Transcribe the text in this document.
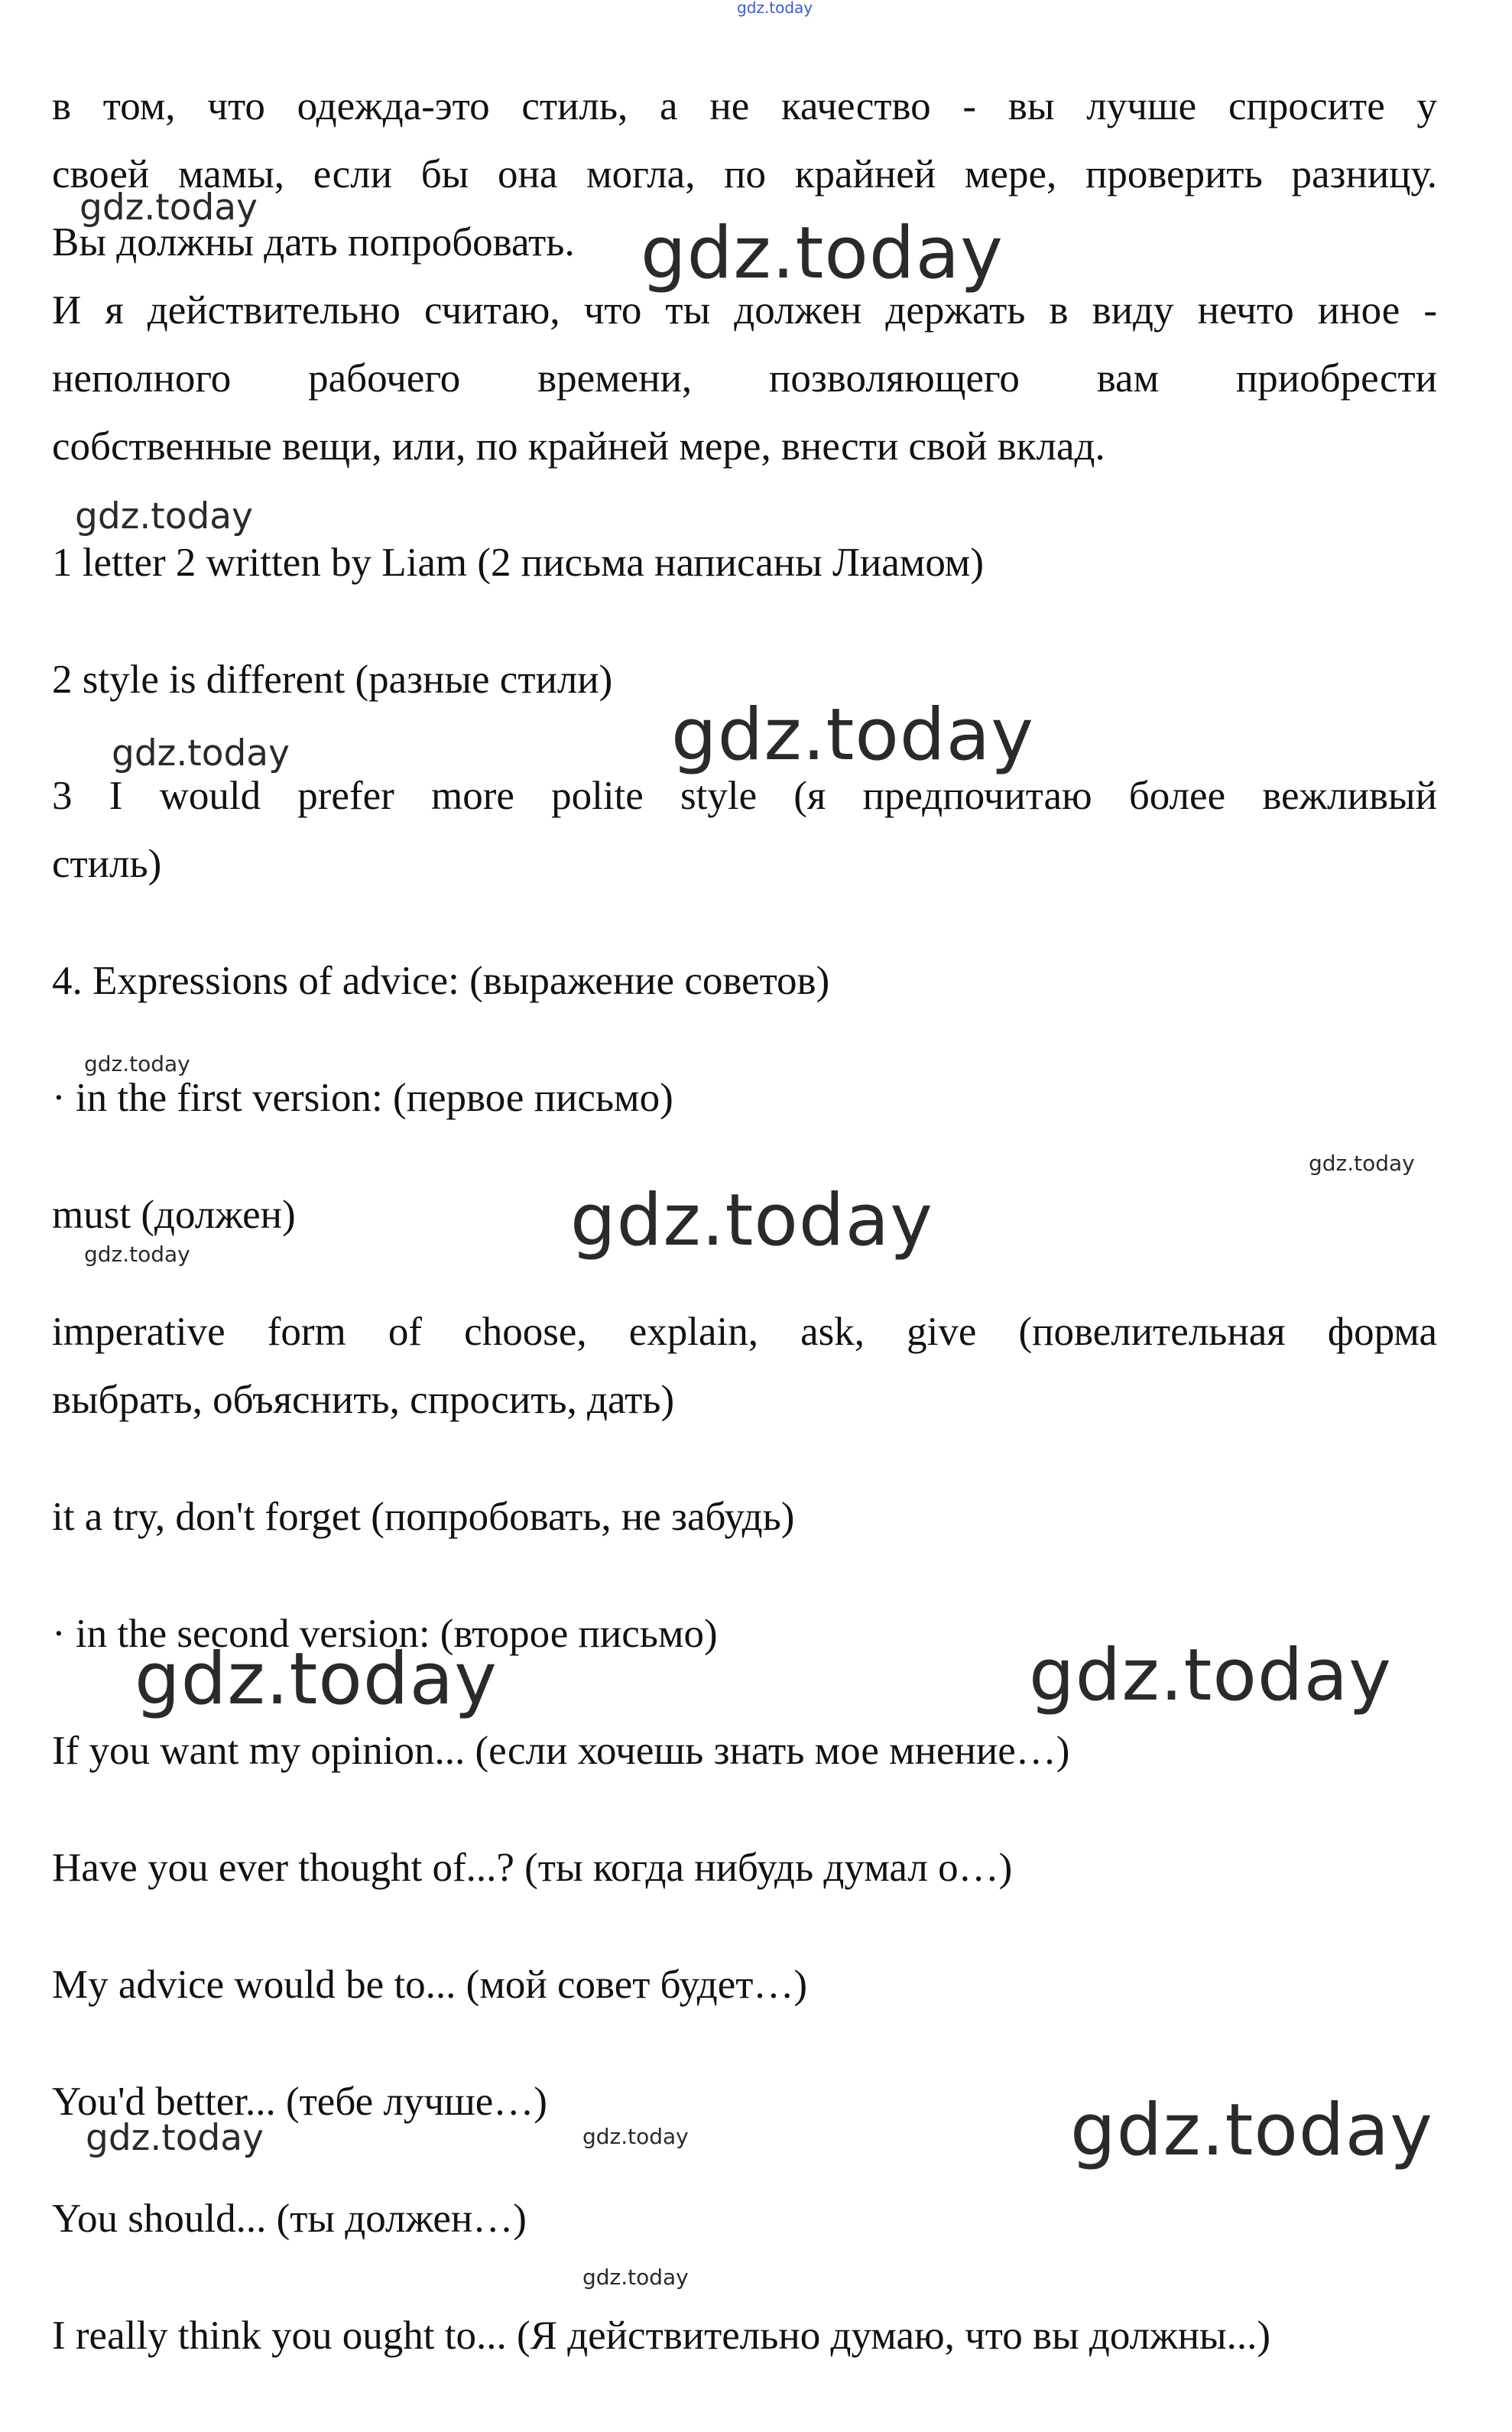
gdz.today
gdz.today
gdz.today
gdz.today
gdz.today	gdz.today
gdz.today
gdz.today
gdz.today
gdz.today
gdz.today	gdz.today
gdz.today	gdz.today	gdz.today
gdz.today

в том, что одежда-это стиль, а не качество - вы лучше спросите у

своей мамы, если бы она могла, по крайней мере, проверить разницу.

Вы должны дать попробовать.

И я действительно считаю, что ты должен держать в виду нечто иное -

неполного рабочего времени, позволяющего вам приобрести

собственные вещи, или, по крайней мере, внести свой вклад.

1 letter 2 written by Liam (2 письма написаны Лиамом)

2 style is different (разные стили)

3 I would prefer more polite style (я предпочитаю более вежливый

стиль)

4. Expressions of advice: (выражение советов)

· in the first version: (первое письмо)

must (должен)

imperative form of choose, explain, ask, give (повелительная форма

выбрать, объяснить, спросить, дать)

it a try, don't forget (попробовать, не забудь)

· in the second version: (второе письмо)

If you want my opinion... (если хочешь знать мое мнение…)

Have you ever thought of...? (ты когда нибудь думал о…)

My advice would be to... (мой совет будет…)

You'd better... (тебе лучше…)

You should... (ты должен…)

I really think you ought to... (Я действительно думаю, что вы должны...)
